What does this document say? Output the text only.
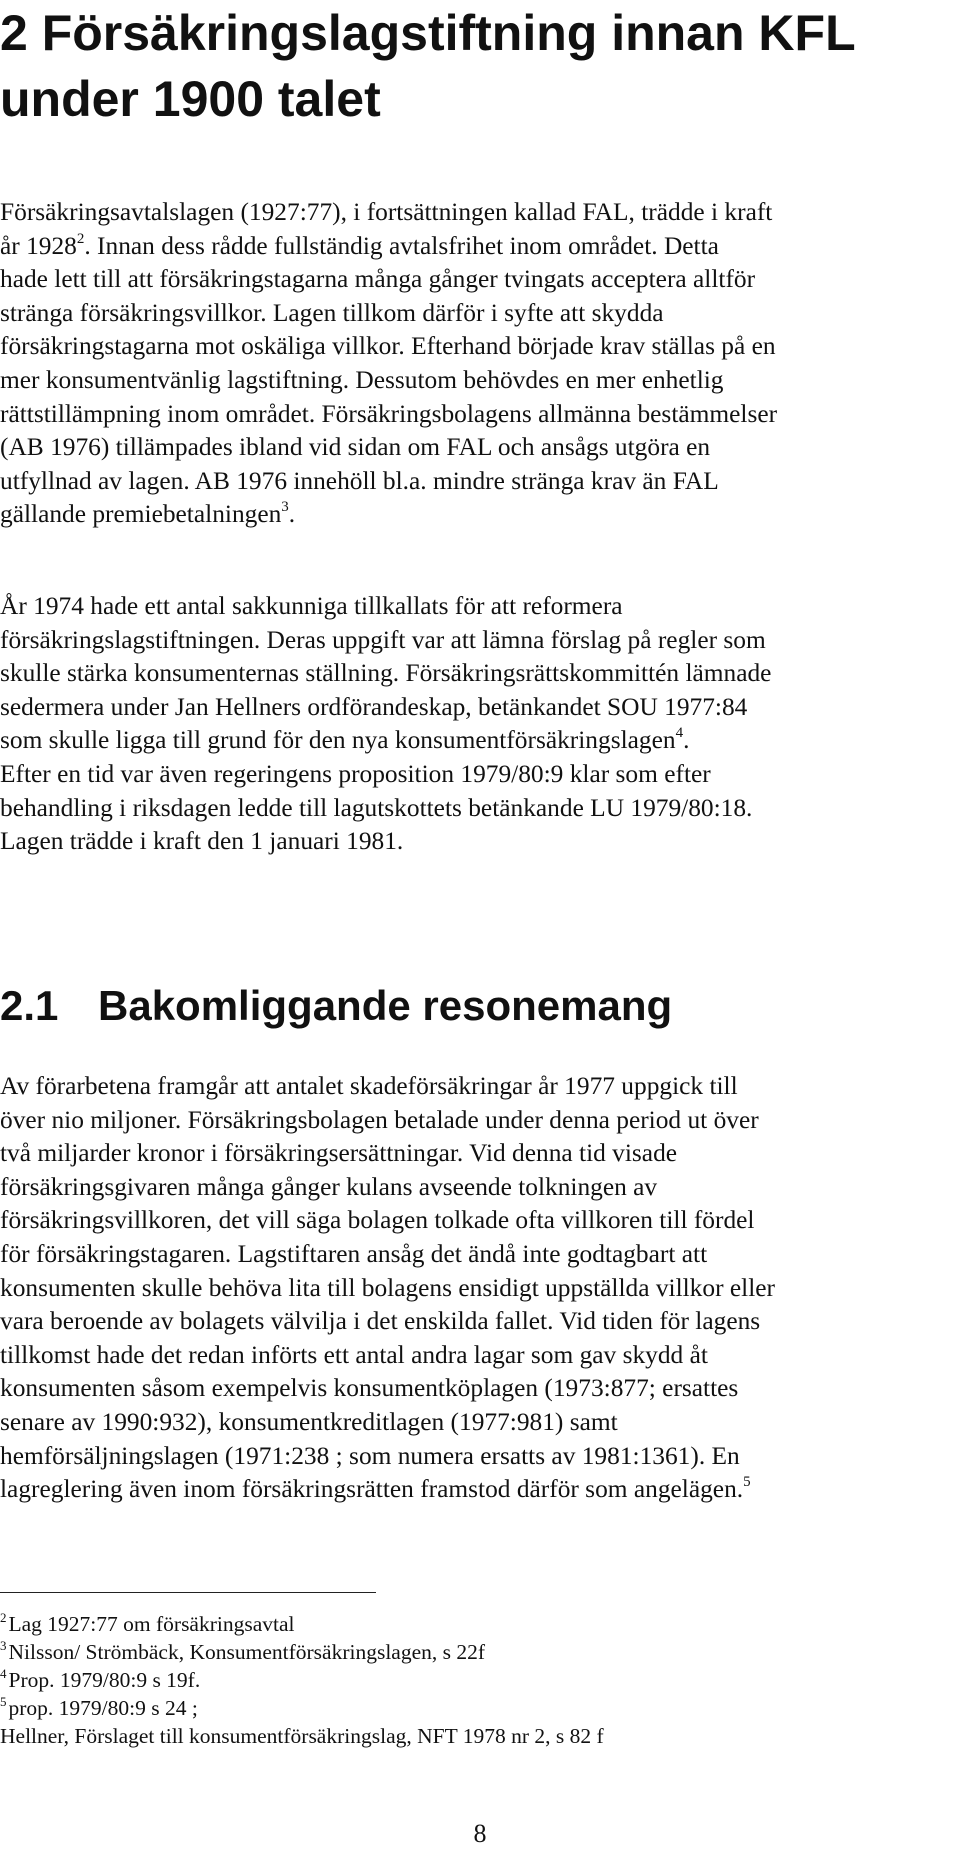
2 Försäkringslagstiftning innan KFL under 1900 talet

Försäkringsavtalslagen (1927:77), i fortsättningen kallad FAL, trädde i kraft
år 1928$^2$. Innan dess rådde fullständig avtalsfrihet inom området. Detta
hade lett till att försäkringstagarna många gånger tvingats acceptera alltför
stränga försäkringsvillkor. Lagen tillkom därför i syfte att skydda
försäkringstagarna mot oskäliga villkor. Efterhand började krav ställas på en
mer konsumentvänlig lagstiftning. Dessutom behövdes en mer enhetlig
rättstillämpning inom området. Försäkringsbolagens allmänna bestämmelser
(AB 1976) tillämpades ibland vid sidan om FAL och ansågs utgöra en
utfyllnad av lagen. AB 1976 innehöll bl.a. mindre stränga krav än FAL
gällande premiebetalningen$^3$.

År 1974 hade ett antal sakkunniga tillkallats för att reformera
försäkringslagstiftningen. Deras uppgift var att lämna förslag på regler som
skulle stärka konsumenternas ställning. Försäkringsrättskommittén lämnade
sedermera under Jan Hellners ordförandeskap, betänkandet SOU 1977:84
som skulle ligga till grund för den nya konsumentförsäkringslagen$^4$.
Efter en tid var även regeringens proposition 1979/80:9 klar som efter
behandling i riksdagen ledde till lagutskottets betänkande LU 1979/80:18.
Lagen trädde i kraft den 1 januari 1981.

2.1 Bakomliggande resonemang

Av förarbetena framgår att antalet skadeförsäkringar år 1977 uppgick till
över nio miljoner. Försäkringsbolagen betalade under denna period ut över
två miljarder kronor i försäkringsersättningar. Vid denna tid visade
försäkringsgivaren många gånger kulans avseende tolkningen av
försäkringsvillkoren, det vill säga bolagen tolkade ofta villkoren till fördel
för försäkringstagaren. Lagstiftaren ansåg det ändå inte godtagbart att
konsumenten skulle behöva lita till bolagens ensidigt uppställda villkor eller
vara beroende av bolagets välvilja i det enskilda fallet. Vid tiden för lagens
tillkomst hade det redan införts ett antal andra lagar som gav skydd åt
konsumenten såsom exempelvis konsumentköplagen (1973:877; ersattes
senare av 1990:932), konsumentkreditlagen (1977:981) samt
hemförsäljningslagen (1971:238 ; som numera ersatts av 1981:1361). En
lagreglering även inom försäkringsrätten framstod därför som angelägen.$^5$

$^2$Lag 1927:77 om försäkringsavtal
$^3$Nilsson/ Strömbäck, Konsumentförsäkringslagen, s 22f
$^4$Prop. 1979/80:9 s 19f.
$^5$prop. 1979/80:9 s 24 ;
Hellner, Förslaget till konsumentförsäkringslag, NFT 1978 nr 2, s 82 f
8
